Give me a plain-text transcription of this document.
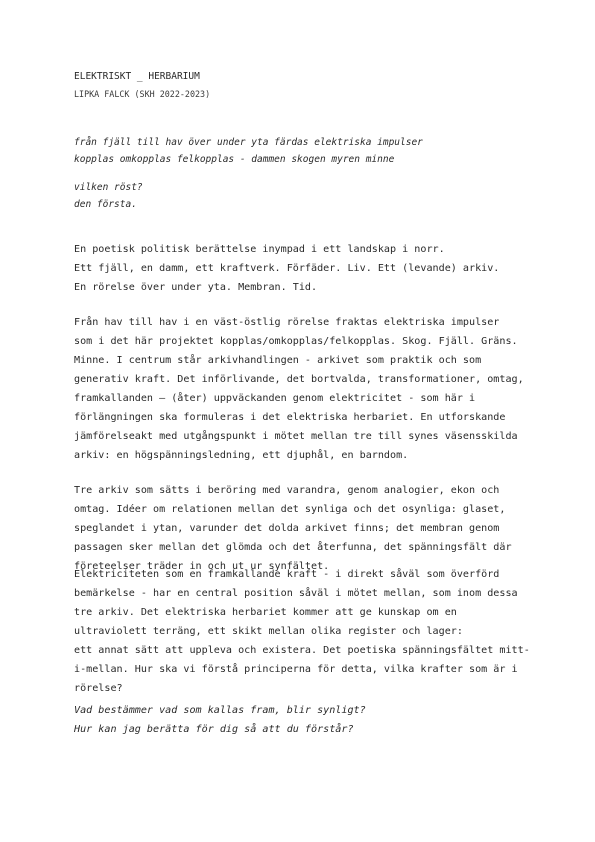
ELEKTRISKT _ HERBARIUM
LIPKA FALCK (SKH 2022-2023)
från fjäll till hav över under yta färdas elektriska impulser
kopplas omkopplas felkopplas - dammen skogen myren minne
vilken röst?
den första.
En poetisk politisk berättelse inympad i ett landskap i norr.
Ett fjäll, en damm, ett kraftverk. Förfäder. Liv. Ett (levande) arkiv.
En rörelse över under yta. Membran. Tid.
Från hav till hav i en väst-östlig rörelse fraktas elektriska impulser
som i det här projektet kopplas/omkopplas/felkopplas. Skog. Fjäll. Gräns.
Minne. I centrum står arkivhandlingen - arkivet som praktik och som
generativ kraft. Det införlivande, det bortvalda, transformationer, omtag,
framkallanden – (åter) uppväckanden genom elektricitet - som här i
förlängningen ska formuleras i det elektriska herbariet. En utforskande
jämförelseakt med utgångspunkt i mötet mellan tre till synes väsensskilda
arkiv: en högspänningsledning, ett djuphål, en barndom.
Tre arkiv som sätts i beröring med varandra, genom analogier, ekon och
omtag. Idéer om relationen mellan det synliga och det osynliga: glaset,
speglandet i ytan, varunder det dolda arkivet finns; det membran genom
passagen sker mellan det glömda och det återfunna, det spänningsfält där
företeelser träder in och ut ur synfältet.
Elektriciteten som en framkallande kraft - i direkt såväl som överförd
bemärkelse - har en central position såväl i mötet mellan, som inom dessa
tre arkiv. Det elektriska herbariet kommer att ge kunskap om en
ultraviolett terräng, ett skikt mellan olika register och lager:
ett annat sätt att uppleva och existera. Det poetiska spänningsfältet mitt-
i-mellan. Hur ska vi förstå principerna för detta, vilka krafter som är i
rörelse?
Vad bestämmer vad som kallas fram, blir synligt?
Hur kan jag berätta för dig så att du förstår?
